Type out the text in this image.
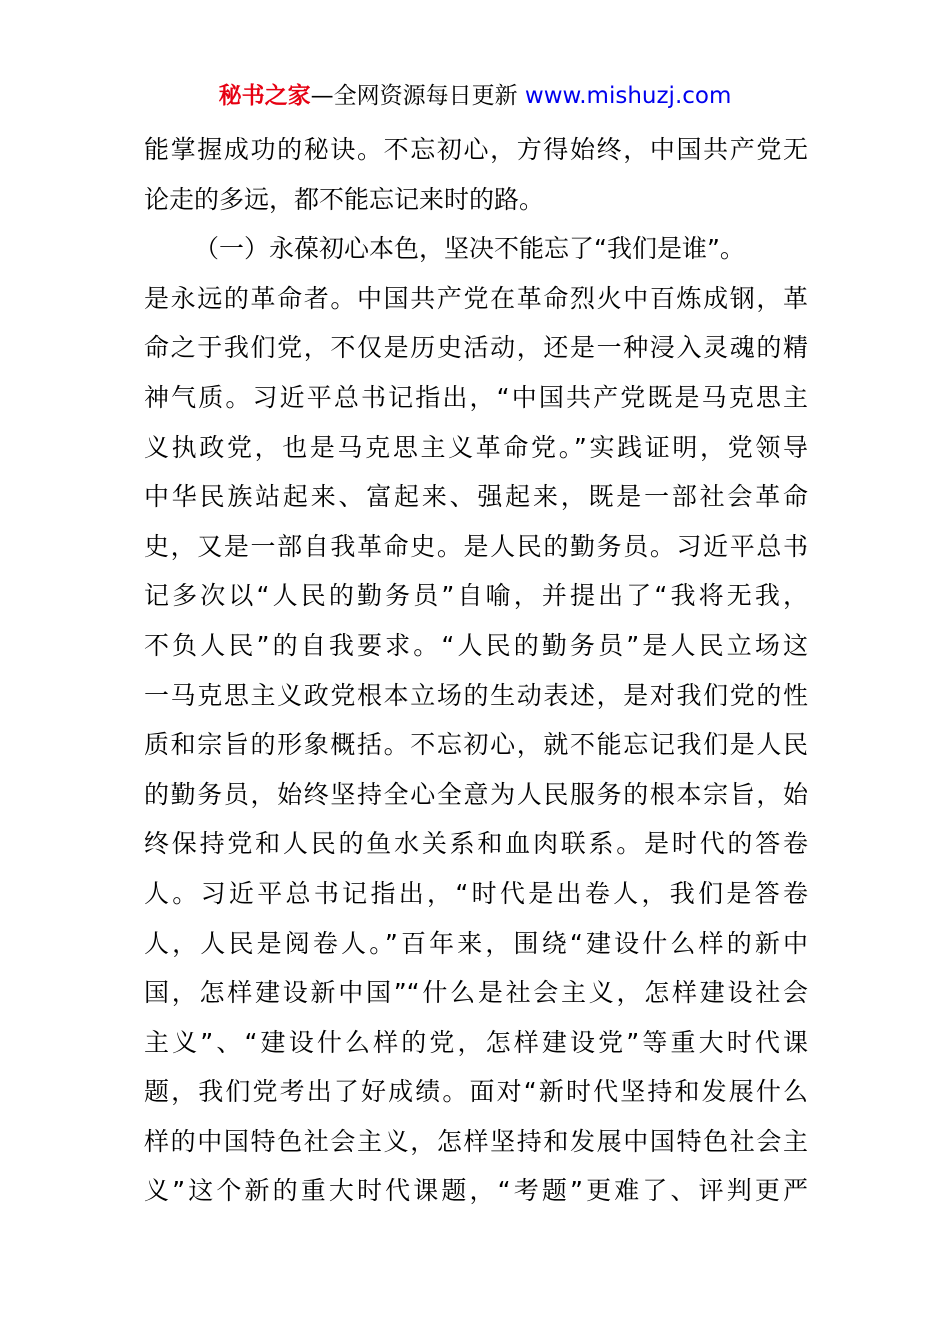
秘书之家—全网资源每日更新 www.mishuzj.com
能掌握成功的秘诀。不忘初心，方得始终，中国共产党无
论走的多远，都不能忘记来时的路。
（一）永葆初心本色，坚决不能忘了“我们是谁”。
是永远的革命者。中国共产党在革命烈火中百炼成钢，革
命之于我们党，不仅是历史活动，还是一种浸入灵魂的精
神气质。习近平总书记指出，“中国共产党既是马克思主
义执政党，也是马克思主义革命党。”实践证明，党领导
中华民族站起来、富起来、强起来，既是一部社会革命
史，又是一部自我革命史。是人民的勤务员。习近平总书
记多次以“人民的勤务员”自喻，并提出了“我将无我，
不负人民”的自我要求。“人民的勤务员”是人民立场这
一马克思主义政党根本立场的生动表述，是对我们党的性
质和宗旨的形象概括。不忘初心，就不能忘记我们是人民
的勤务员，始终坚持全心全意为人民服务的根本宗旨，始
终保持党和人民的鱼水关系和血肉联系。是时代的答卷
人。习近平总书记指出，“时代是出卷人，我们是答卷
人，人民是阅卷人。”百年来，围绕“建设什么样的新中
国，怎样建设新中国”“什么是社会主义，怎样建设社会
主义”、“建设什么样的党，怎样建设党”等重大时代课
题，我们党考出了好成绩。面对“新时代坚持和发展什么
样的中国特色社会主义，怎样坚持和发展中国特色社会主
义”这个新的重大时代课题，“考题”更难了、评判更严
